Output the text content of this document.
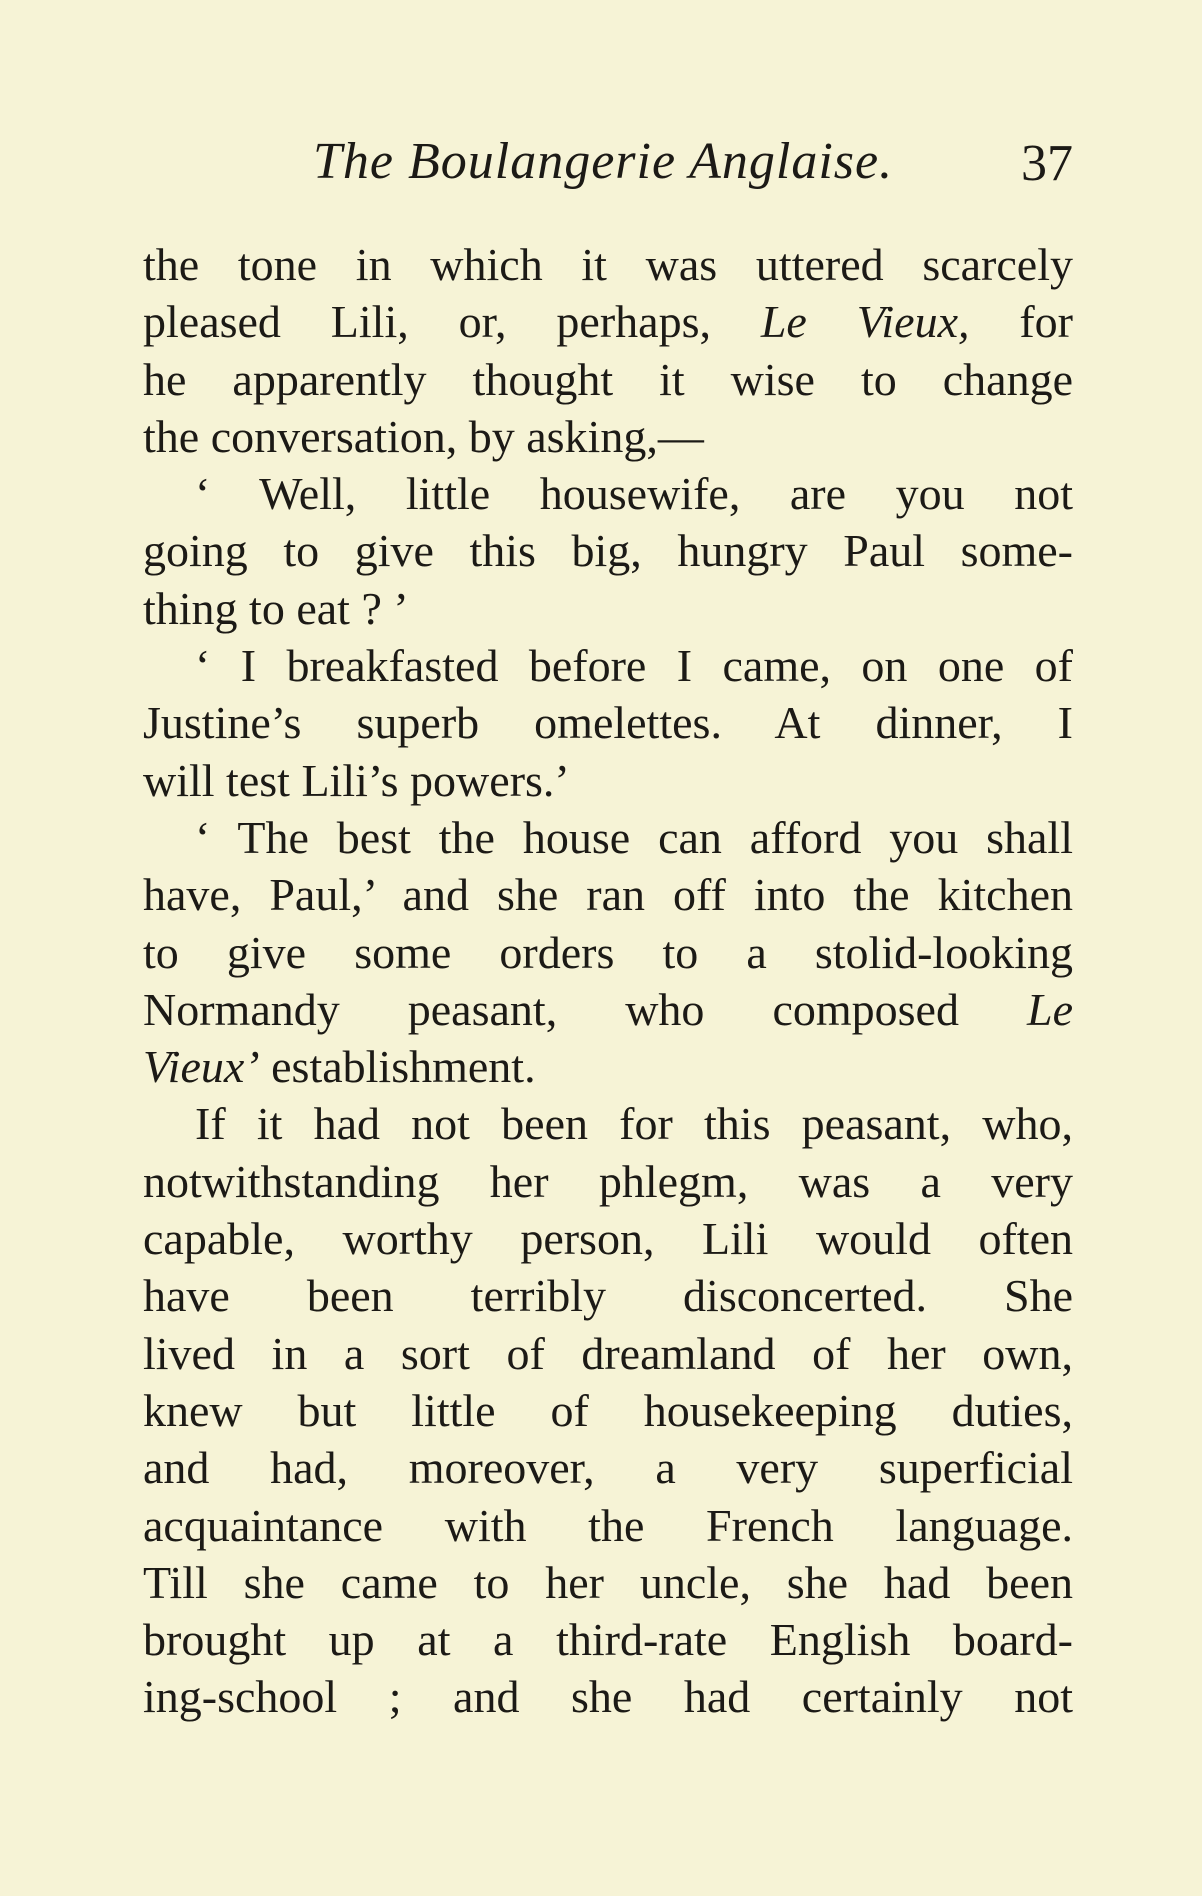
The Boulangerie Anglaise. 37
the tone in which it was uttered scarcely
pleased Lili, or, perhaps, Le Vieux, for
he apparently thought it wise to change
the conversation, by asking,—
‘ Well, little housewife, are you not
going to give this big, hungry Paul some-
thing to eat ? ’
‘ I breakfasted before I came, on one of
Justine’s superb omelettes. At dinner, I
will test Lili’s powers.’
‘ The best the house can afford you shall
have, Paul,’ and she ran off into the kitchen
to give some orders to a stolid-looking
Normandy peasant, who composed Le
Vieux’ establishment.
If it had not been for this peasant, who,
notwithstanding her phlegm, was a very
capable, worthy person, Lili would often
have been terribly disconcerted. She
lived in a sort of dreamland of her own,
knew but little of housekeeping duties,
and had, moreover, a very superficial
acquaintance with the French language.
Till she came to her uncle, she had been
brought up at a third-rate English board-
ing-school ; and she had certainly not
